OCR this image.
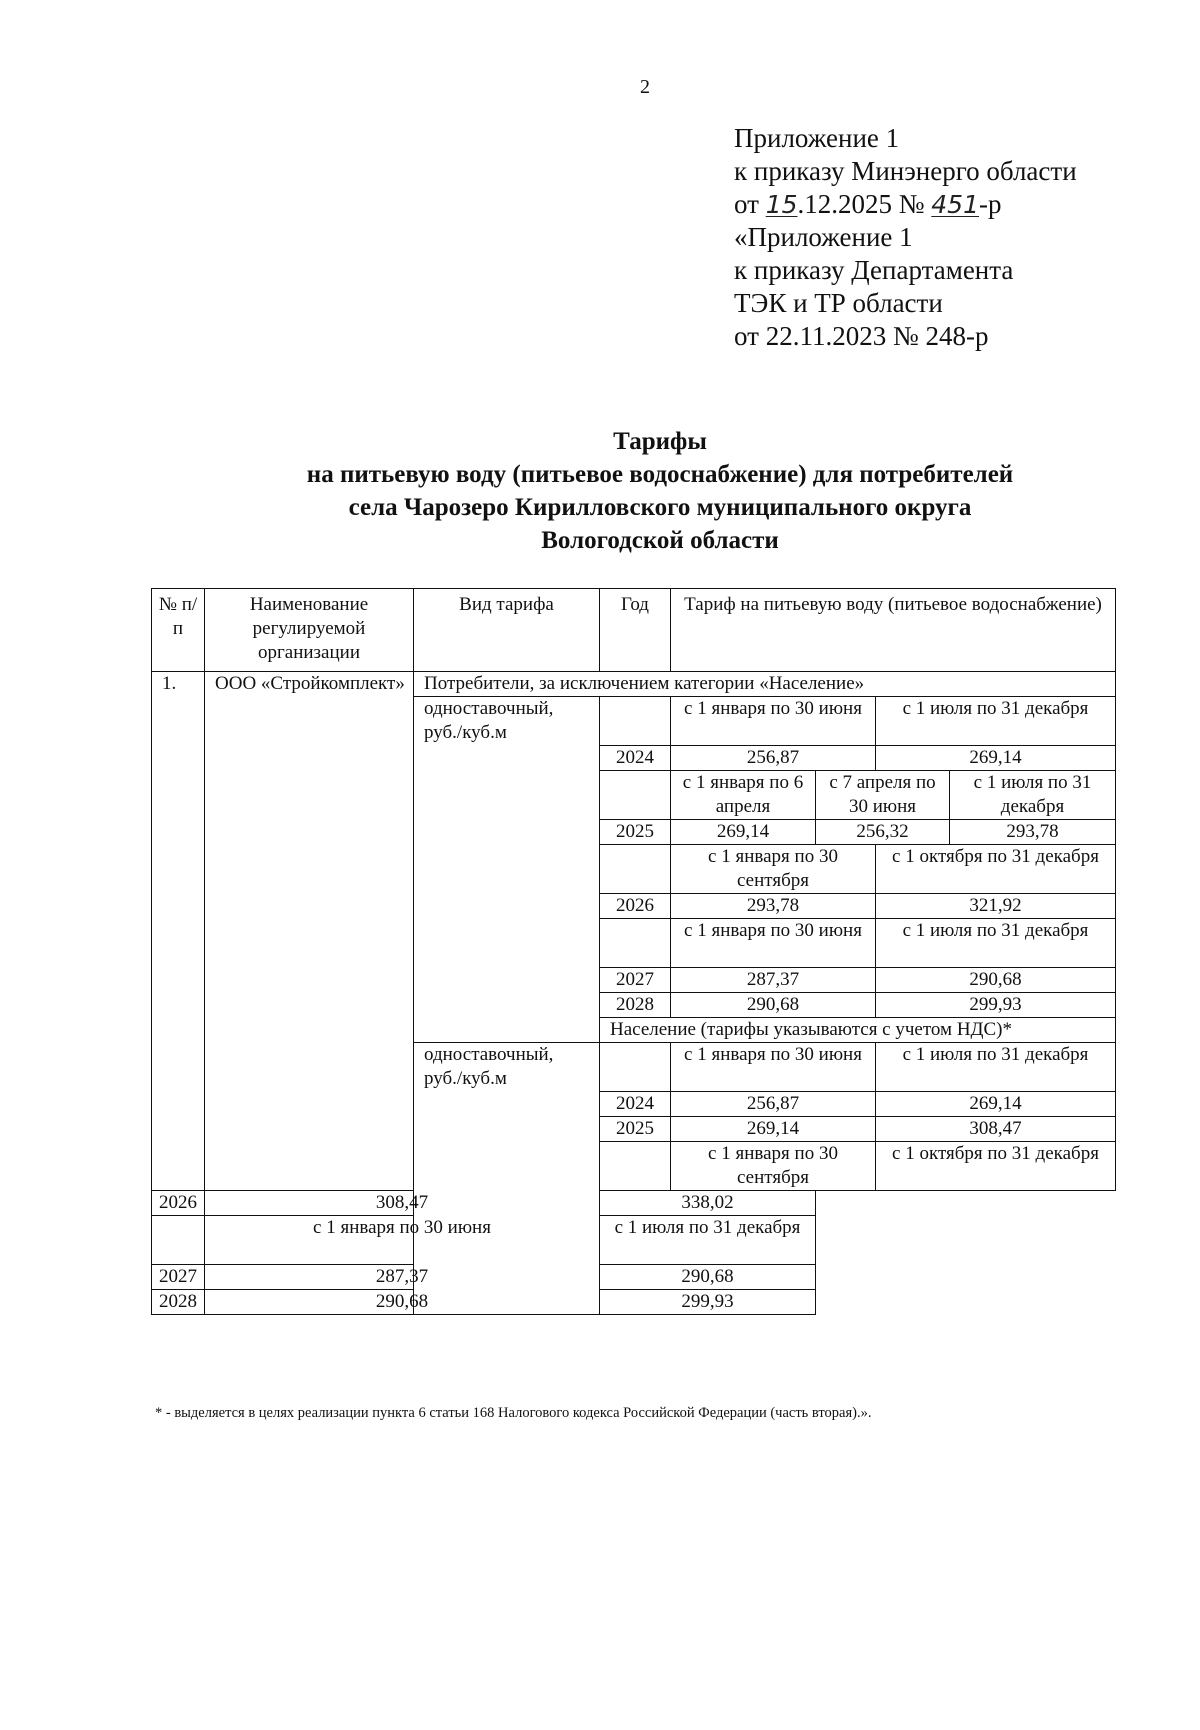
2
Приложение 1
к приказу Минэнерго области
от 15.12.2025 № 451-р
«Приложение 1
к приказу Департамента
ТЭК и ТР области
от 22.11.2023 № 248-р
Тарифы
на питьевую воду (питьевое водоснабжение) для потребителей
села Чарозеро Кирилловского муниципального округа
Вологодской области
№ п/п	Наименование регулируемой организации	Вид тарифа	Год	Тариф на питьевую воду (питьевое водоснабжение)			
1.	ООО «Стройкомплект»	Потребители, за исключением категории «Население»					
		одноставочный, руб./куб.м		с 1 января по 30 июня		с 1 июля по 31 декабря	
			2024	256,87		269,14	
				с 1 января по 6 апреля	с 7 апреля по 30 июня		с 1 июля по 31 декабря
			2025	269,14	256,32		293,78
				с 1 января по 30 сентября		с 1 октября по 31 декабря	
			2026	293,78		321,92	
				с 1 января по 30 июня		с 1 июля по 31 декабря	
			2027	287,37		290,68	
			2028	290,68		299,93	
			Население (тарифы указываются с учетом НДС)*				
		одноставочный, руб./куб.м		с 1 января по 30 июня		с 1 июля по 31 декабря	
			2024	256,87		269,14	
			2025	269,14		308,47	
				с 1 января по 30 сентября		с 1 октября по 31 декабря	
2026	308,47		338,02				
	с 1 января по 30 июня		с 1 июля по 31 декабря				
2027	287,37		290,68				
2028	290,68		299,93				
* - выделяется в целях реализации пункта 6 статьи 168 Налогового кодекса Российской Федерации (часть вторая).».
